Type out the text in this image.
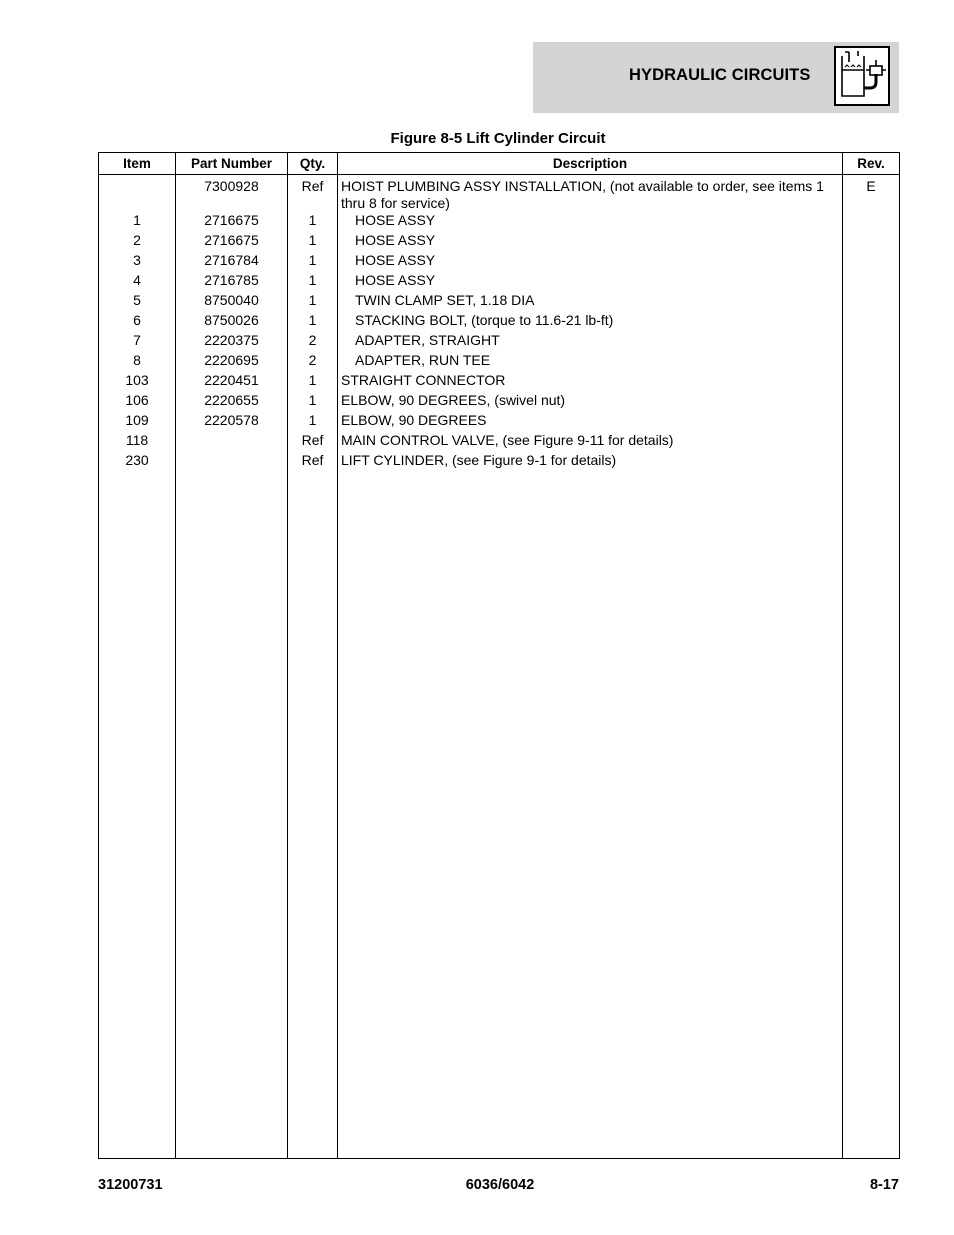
HYDRAULIC CIRCUITS
Figure 8-5 Lift Cylinder Circuit
Item	Part Number	Qty.	Description	Rev.
	7300928	Ref	HOIST PLUMBING ASSY INSTALLATION, (not available to order, see items 1 thru 8 for service)	E
1	2716675	1	HOSE ASSY	
2	2716675	1	HOSE ASSY	
3	2716784	1	HOSE ASSY	
4	2716785	1	HOSE ASSY	
5	8750040	1	TWIN CLAMP SET, 1.18 DIA	
6	8750026	1	STACKING BOLT, (torque to 11.6-21 lb-ft)	
7	2220375	2	ADAPTER, STRAIGHT	
8	2220695	2	ADAPTER, RUN TEE	
103	2220451	1	STRAIGHT CONNECTOR	
106	2220655	1	ELBOW, 90 DEGREES, (swivel nut)	
109	2220578	1	ELBOW, 90 DEGREES	
118		Ref	MAIN CONTROL VALVE, (see Figure 9-11 for details)	
230		Ref	LIFT CYLINDER, (see Figure 9-1 for details)	

31200731	6036/6042	8-17
